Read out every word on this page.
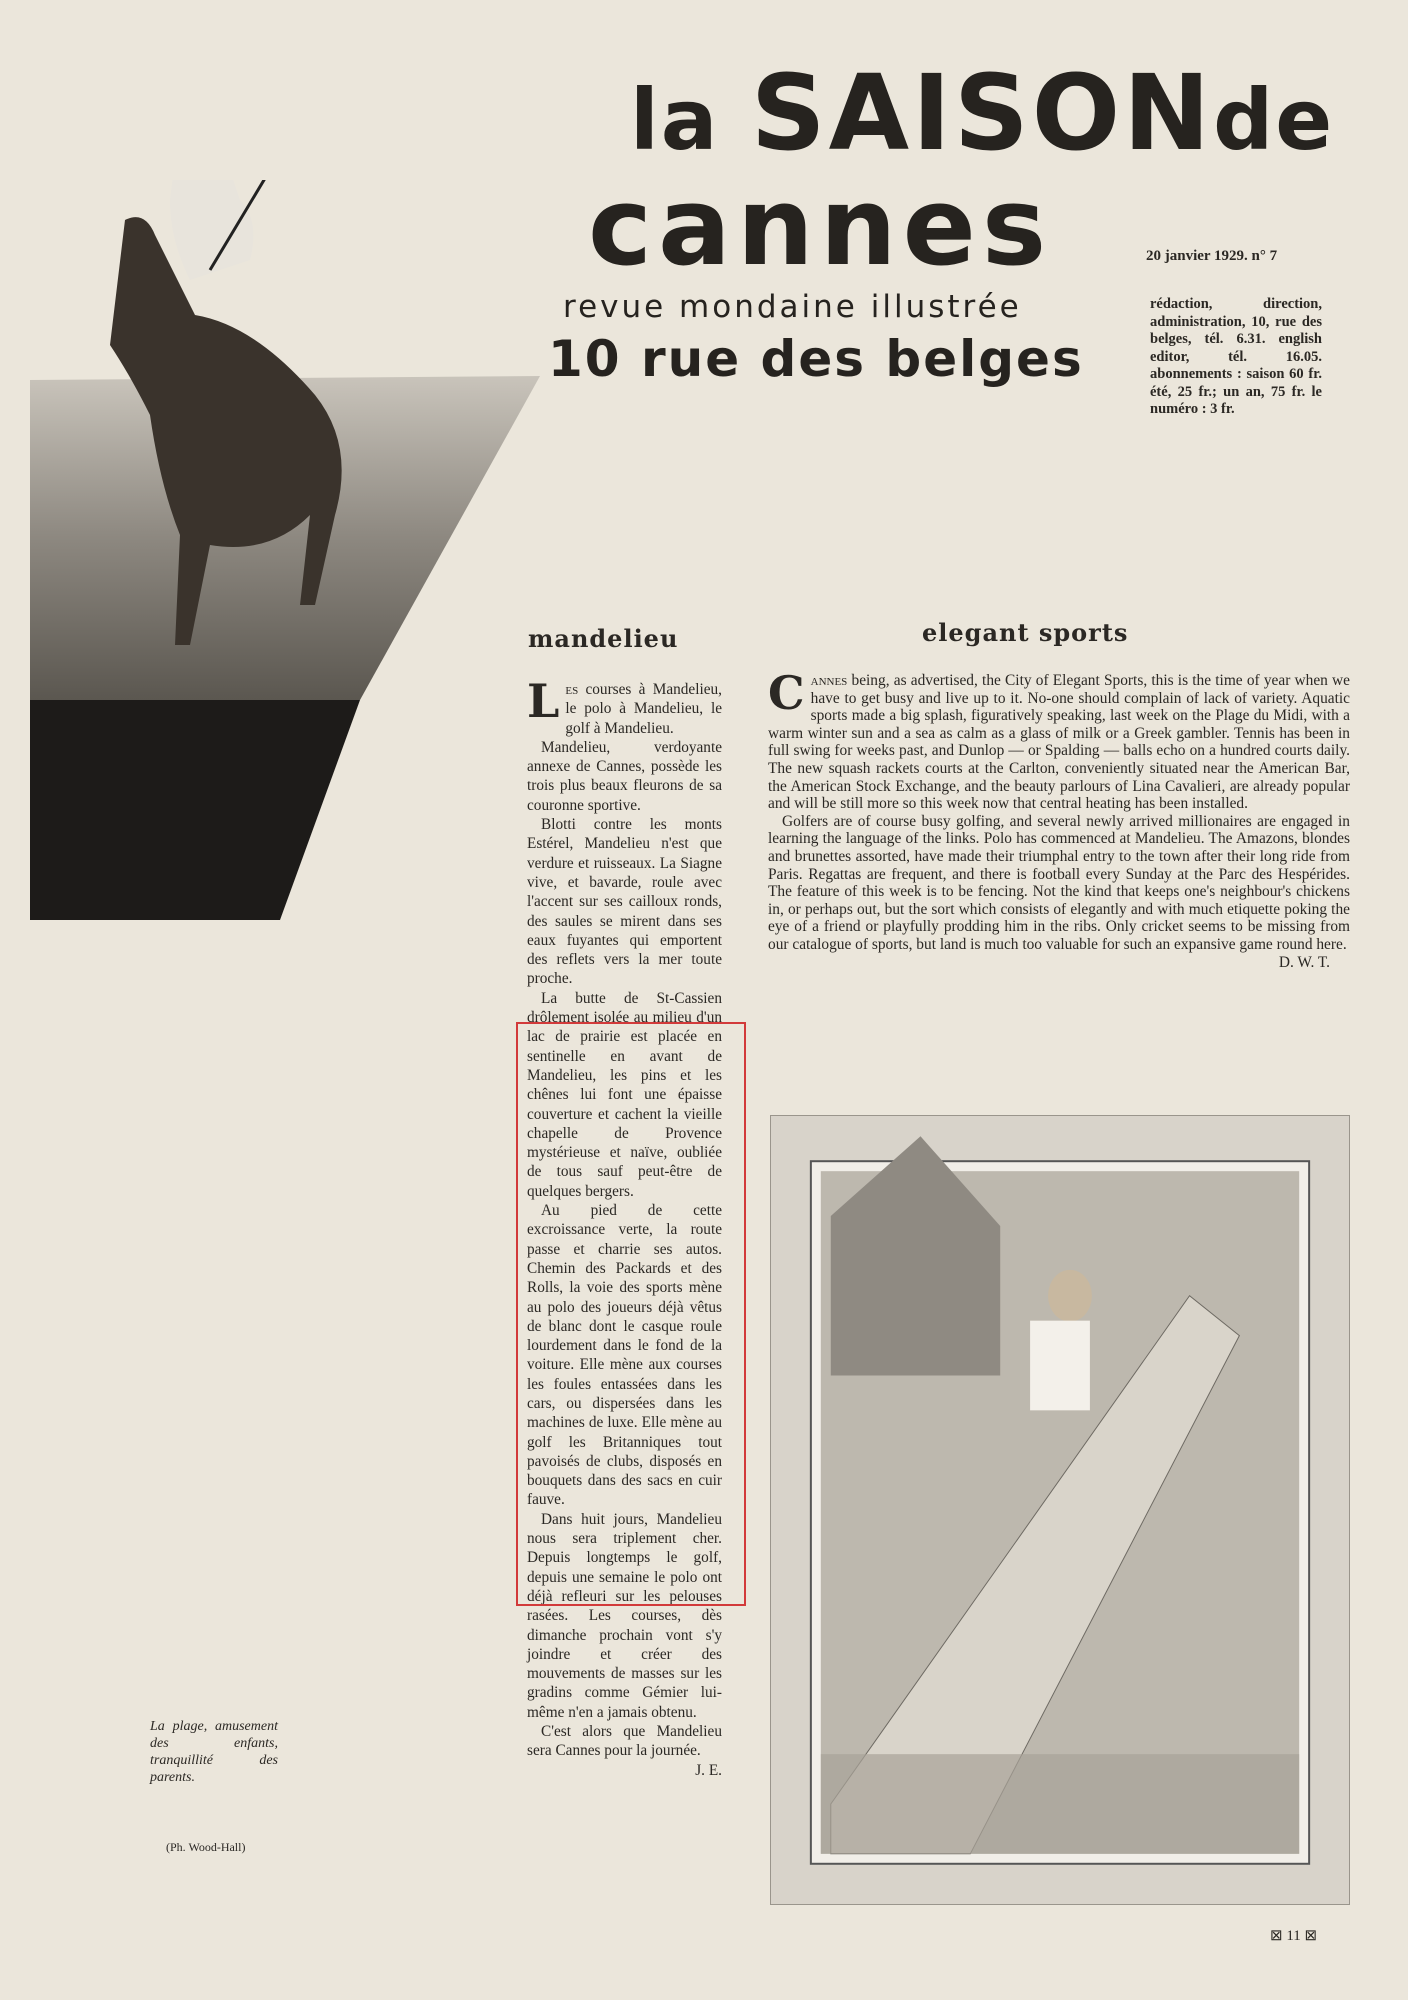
la SAISONde
cannes
revue mondaine illustrée
10 rue des belges
20 janvier 1929. n° 7
rédaction, direction, administration, 10, rue des belges, tél. 6.31. english editor, tél. 16.05. abonnements : saison 60 fr. été, 25 fr.; un an, 75 fr. le numéro : 3 fr.
mandelieu	elegant sports

Les courses à Mandelieu, le polo à Mandelieu, le golf à Mandelieu.

Mandelieu, verdoyante annexe de Cannes, possède les trois plus beaux fleurons de sa couronne sportive.

Blotti contre les monts Estérel, Mandelieu n'est que verdure et ruisseaux. La Siagne vive, et bavarde, roule avec l'accent sur ses cailloux ronds, des saules se mirent dans ses eaux fuyantes qui emportent des reflets vers la mer toute proche.

La butte de St-Cassien drôlement isolée au milieu d'un lac de prairie est placée en sentinelle en avant de Mandelieu, les pins et les chênes lui font une épaisse couverture et cachent la vieille chapelle de Provence mystérieuse et naïve, oubliée de tous sauf peut-être de quelques bergers.

Au pied de cette excroissance verte, la route passe et charrie ses autos. Chemin des Packards et des Rolls, la voie des sports mène au polo des joueurs déjà vêtus de blanc dont le casque roule lourdement dans le fond de la voiture. Elle mène aux courses les foules entassées dans les cars, ou dispersées dans les machines de luxe. Elle mène au golf les Britanniques tout pavoisés de clubs, disposés en bouquets dans des sacs en cuir fauve.

Dans huit jours, Mandelieu nous sera triplement cher. Depuis longtemps le golf, depuis une semaine le polo ont déjà refleuri sur les pelouses rasées. Les courses, dès dimanche prochain vont s'y joindre et créer des mouvements de masses sur les gradins comme Gémier lui-même n'en a jamais obtenu.

C'est alors que Mandelieu sera Cannes pour la journée.

J. E.

Cannes being, as advertised, the City of Elegant Sports, this is the time of year when we have to get busy and live up to it. No-one should complain of lack of variety. Aquatic sports made a big splash, figuratively speaking, last week on the Plage du Midi, with a warm winter sun and a sea as calm as a glass of milk or a Greek gambler. Tennis has been in full swing for weeks past, and Dunlop — or Spalding — balls echo on a hundred courts daily. The new squash rackets courts at the Carlton, conveniently situated near the American Bar, the American Stock Exchange, and the beauty parlours of Lina Cavalieri, are already popular and will be still more so this week now that central heating has been installed.

Golfers are of course busy golfing, and several newly arrived millionaires are engaged in learning the language of the links. Polo has commenced at Mandelieu. The Amazons, blondes and brunettes assorted, have made their triumphal entry to the town after their long ride from Paris. Regattas are frequent, and there is football every Sunday at the Parc des Hespérides. The feature of this week is to be fencing. Not the kind that keeps one's neighbour's chickens in, or perhaps out, but the sort which consists of elegantly and with much etiquette poking the eye of a friend or playfully prodding him in the ribs. Only cricket seems to be missing from our catalogue of sports, but land is much too valuable for such an expansive game round here.

D. W. T.
La plage, amusement des enfants, tranquillité des parents.
(Ph. Wood-Hall)
⊠ 11 ⊠
